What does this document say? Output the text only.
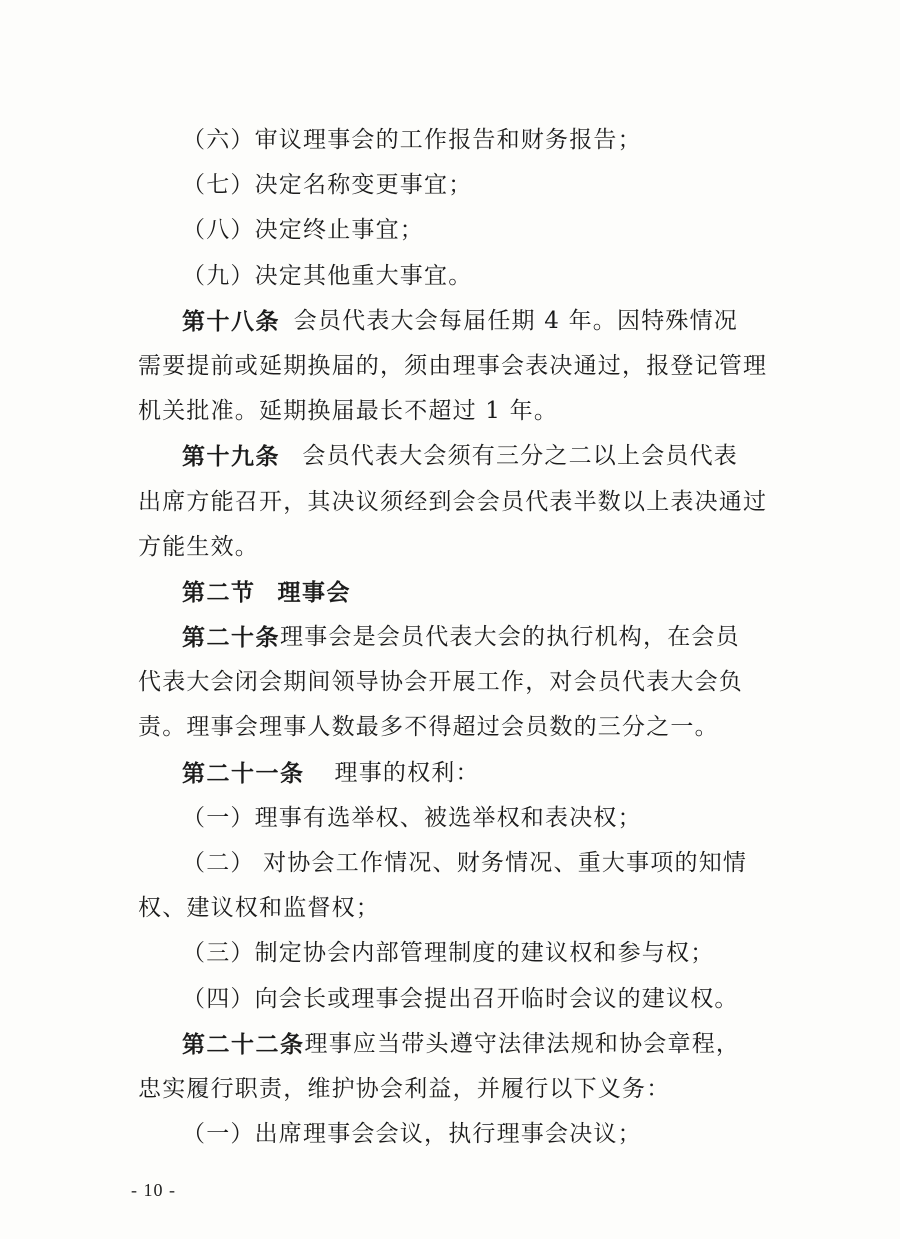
（六）审议理事会的工作报告和财务报告；
（七）决定名称变更事宜；
（八）决定终止事宜；
（九）决定其他重大事宜。
第十八条 会员代表大会每届任期 4 年。因特殊情况
需要提前或延期换届的，须由理事会表决通过，报登记管理
机关批准。延期换届最长不超过 1 年。
第十九条 会员代表大会须有三分之二以上会员代表
出席方能召开，其决议须经到会会员代表半数以上表决通过
方能生效。
第二节 理事会
第二十条 理事会是会员代表大会的执行机构，在会员
代表大会闭会期间领导协会开展工作，对会员代表大会负
责。理事会理事人数最多不得超过会员数的三分之一。
第二十一条 理事的权利：
（一）理事有选举权、被选举权和表决权；
（二） 对协会工作情况、财务情况、重大事项的知情
权、建议权和监督权；
（三）制定协会内部管理制度的建议权和参与权；
（四）向会长或理事会提出召开临时会议的建议权。
第二十二条 理事应当带头遵守法律法规和协会章程，
忠实履行职责，维护协会利益，并履行以下义务：
（一）出席理事会会议，执行理事会决议；
- 10 -
